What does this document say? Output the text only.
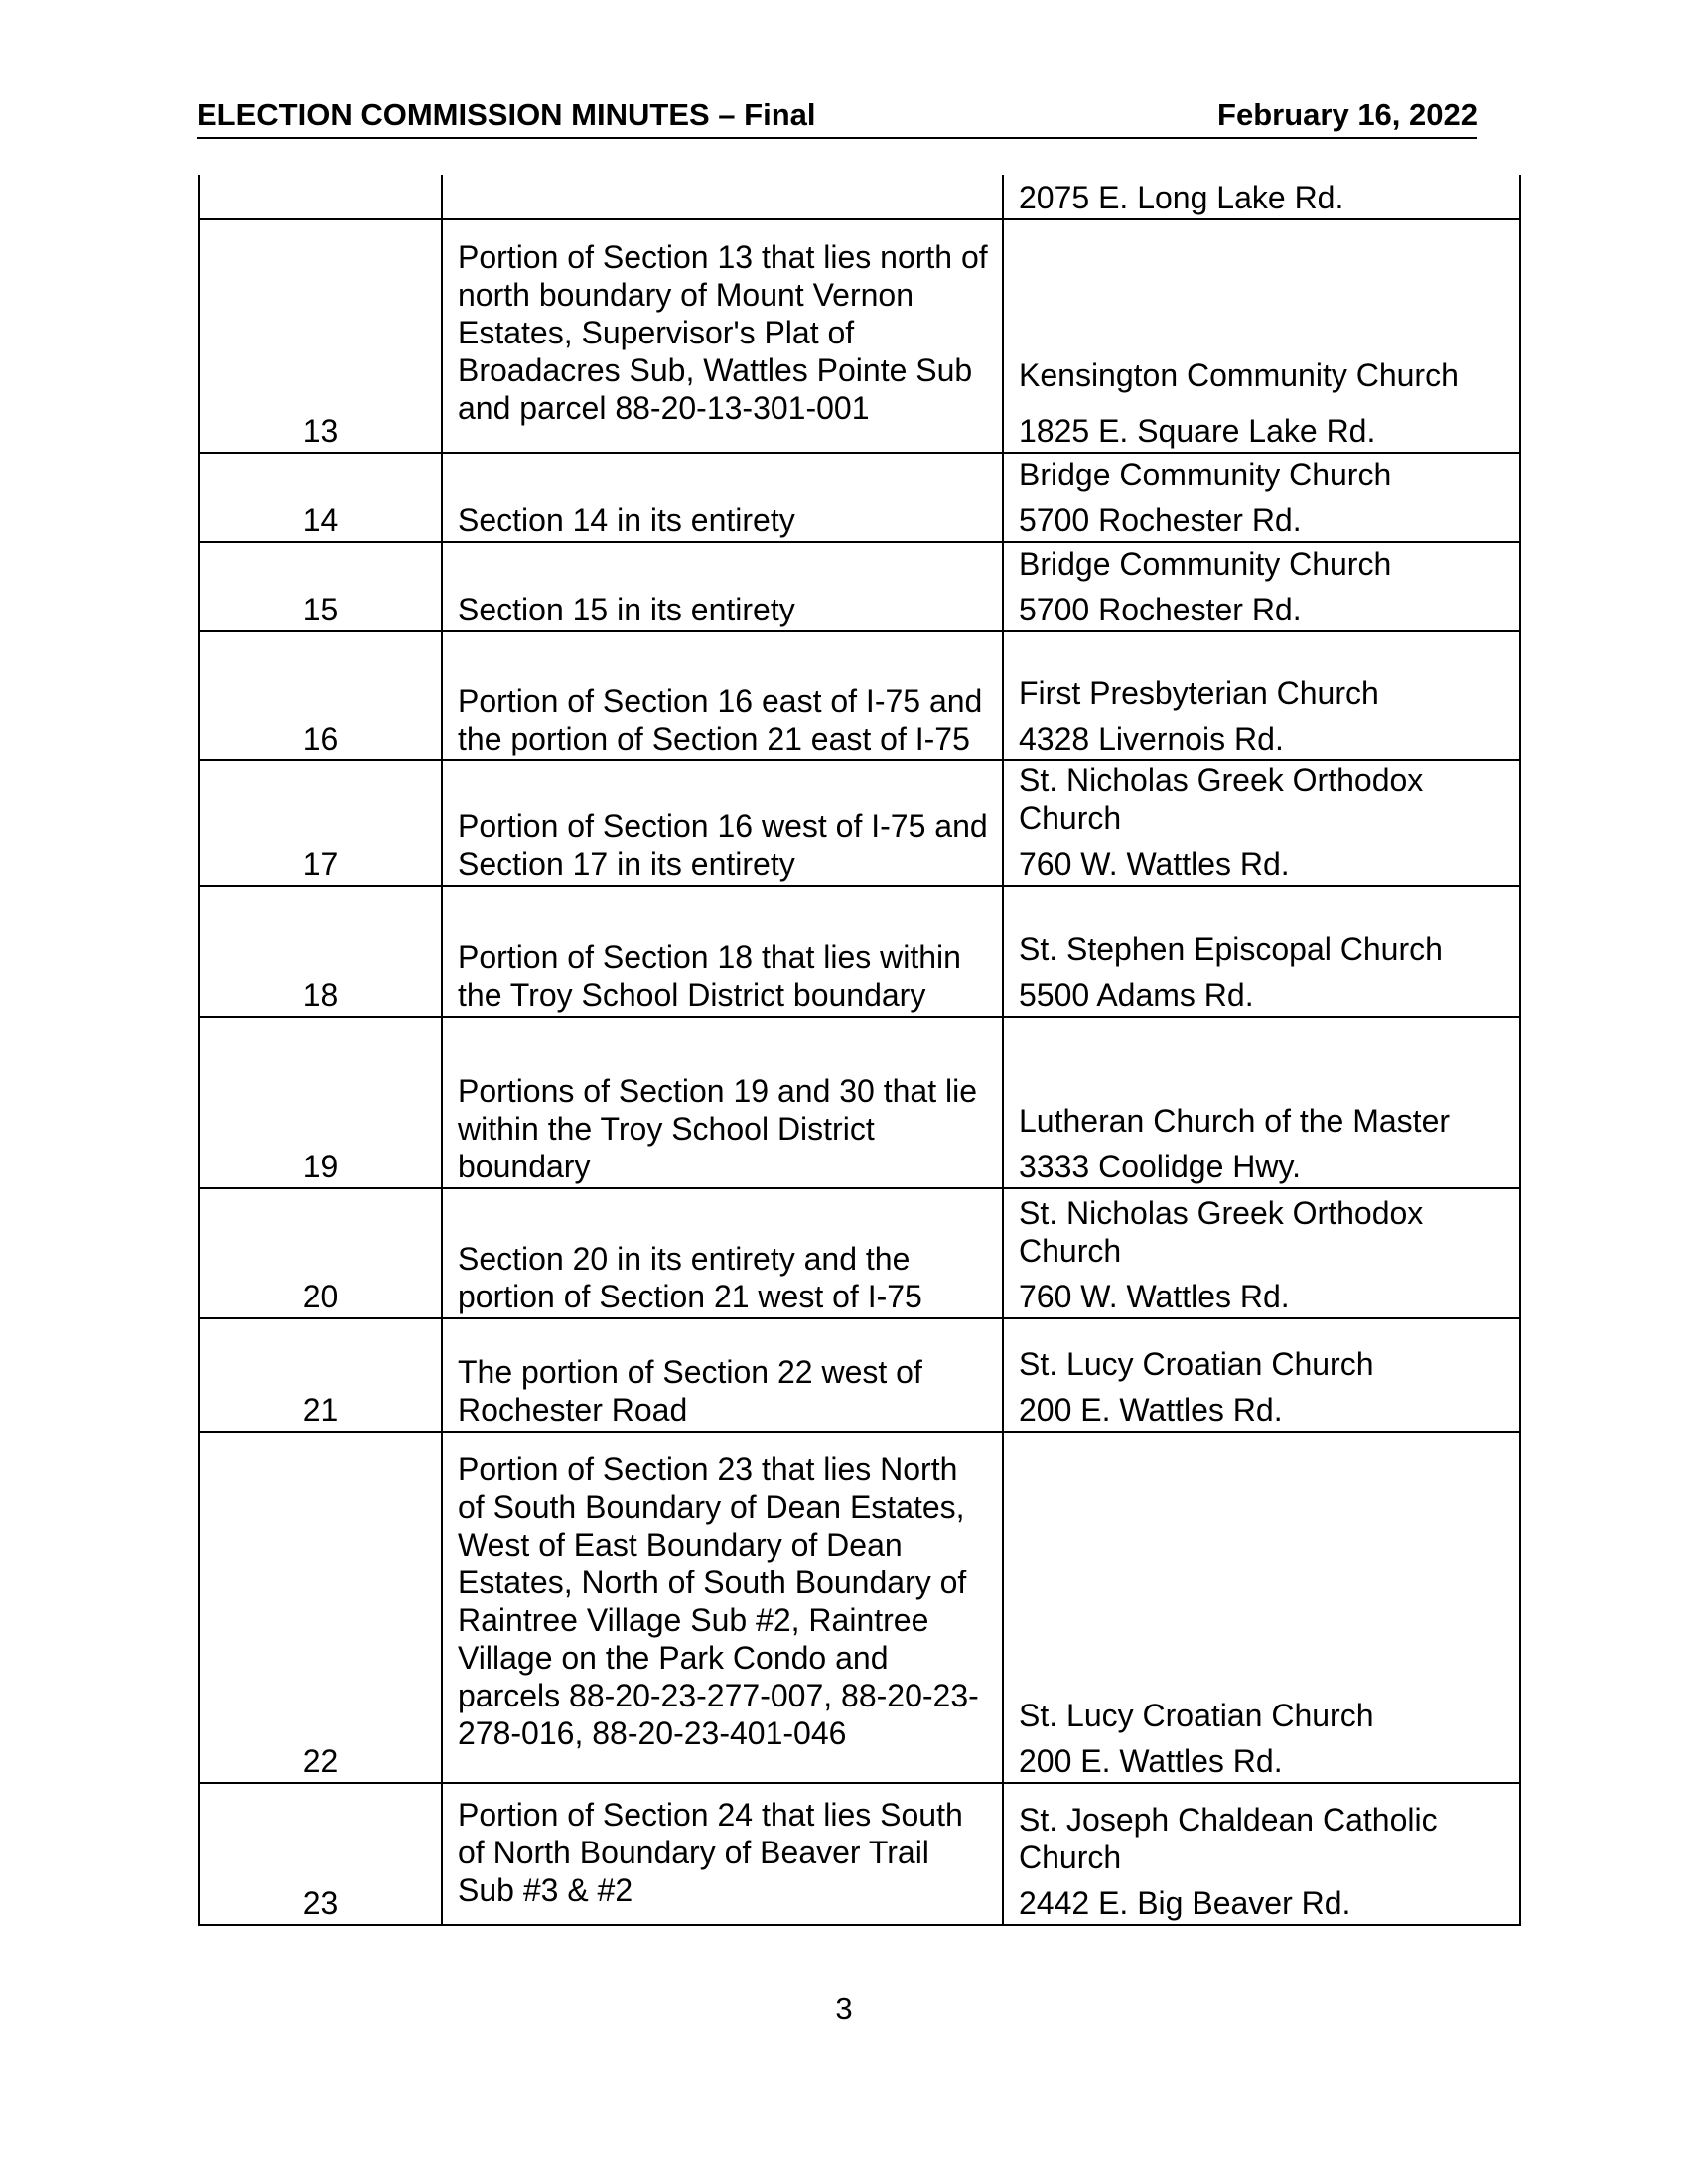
ELECTION COMMISSION MINUTES – Final	February 16, 2022

		2075 E. Long Lake Rd.

13	Portion of Section 13 that lies north of north boundary of Mount Vernon Estates, Supervisor's Plat of Broadacres Sub, Wattles Pointe Sub and parcel 88-20-13-301-001	Kensington Community Church
1825 E. Square Lake Rd.

14	Section 14 in its entirety	Bridge Community Church
5700 Rochester Rd.

15	Section 15 in its entirety	Bridge Community Church
5700 Rochester Rd.

16	Portion of Section 16 east of I-75 and the portion of Section 21 east of I-75	First Presbyterian Church
4328 Livernois Rd.

17	Portion of Section 16 west of I-75 and Section 17 in its entirety	St. Nicholas Greek Orthodox Church
760 W. Wattles Rd.

18	Portion of Section 18 that lies within the Troy School District boundary	St. Stephen Episcopal Church
5500 Adams Rd.

19	Portions of Section 19 and 30 that lie within the Troy School District boundary	Lutheran Church of the Master
3333 Coolidge Hwy.

20	Section 20 in its entirety and the portion of Section 21 west of I-75	St. Nicholas Greek Orthodox Church
760 W. Wattles Rd.

21	The portion of Section 22 west of Rochester Road	St. Lucy Croatian Church
200 E. Wattles Rd.

22	Portion of Section 23 that lies North of South Boundary of Dean Estates, West of East Boundary of Dean Estates, North of South Boundary of Raintree Village Sub #2, Raintree Village on the Park Condo and parcels 88-20-23-277-007, 88-20-23-278-016, 88-20-23-401-046	St. Lucy Croatian Church
200 E. Wattles Rd.

23	Portion of Section 24 that lies South of North Boundary of Beaver Trail Sub #3 & #2	St. Joseph Chaldean Catholic Church
2442 E. Big Beaver Rd.
3
